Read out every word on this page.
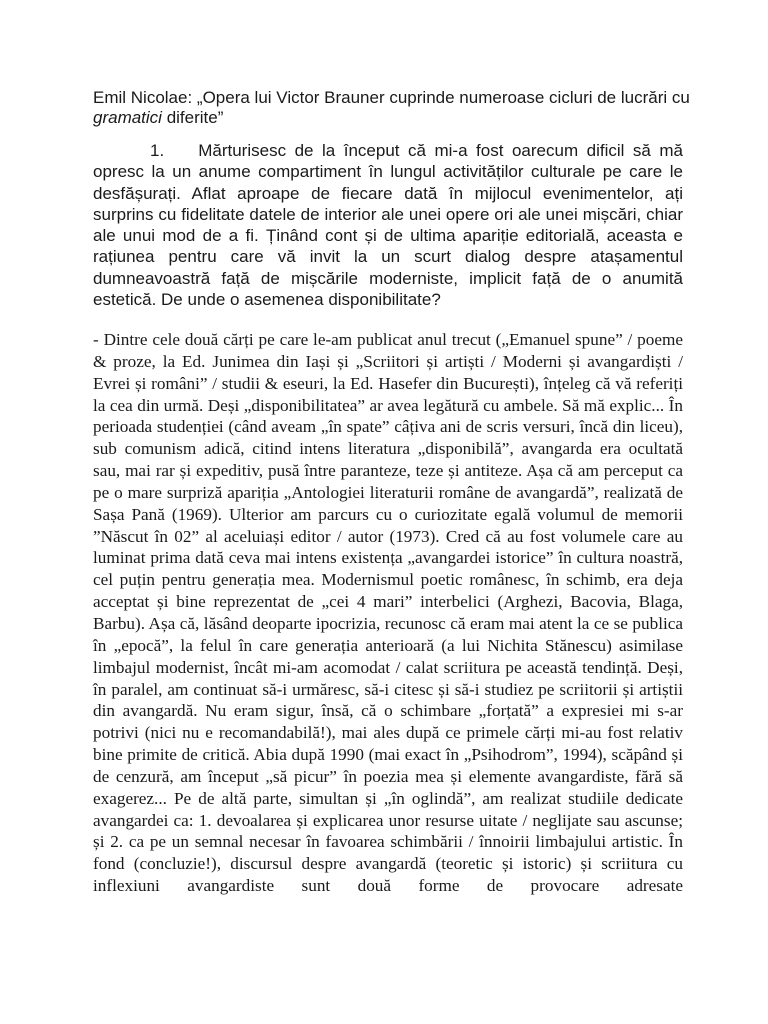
Emil Nicolae: „Opera lui Victor Brauner cuprinde numeroase cicluri de lucrări cu gramatici diferite”

1.    Mărturisesc de la început că mi-a fost oarecum dificil să mă opresc la un anume compartiment în lungul activităților culturale pe care le desfășurați. Aflat aproape de fiecare dată în mijlocul evenimentelor, ați surprins cu fidelitate datele de interior ale unei opere ori ale unei mișcări, chiar ale unui mod de a fi. Ținând cont și de ultima apariție editorială, aceasta e rațiunea pentru care vă invit la un scurt dialog despre atașamentul dumneavoastră față de mișcările moderniste, implicit față de o anumită estetică. De unde o asemenea disponibilitate?

- Dintre cele două cărți pe care le-am publicat anul trecut („Emanuel spune” / poeme & proze, la Ed. Junimea din Iași și „Scriitori și artiști / Moderni și avangardiști / Evrei și români” / studii & eseuri, la Ed. Hasefer din București), înțeleg că vă referiți la cea din urmă. Deși „disponibilitatea” ar avea legătură cu ambele. Să mă explic... În perioada studenției (când aveam „în spate” câțiva ani de scris versuri, încă din liceu), sub comunism adică, citind intens literatura „disponibilă”, avangarda era ocultată sau, mai rar și expeditiv, pusă între paranteze, teze și antiteze. Așa că am perceput ca pe o mare surpriză apariția „Antologiei literaturii române de avangardă”, realizată de Sașa Pană (1969). Ulterior am parcurs cu o curiozitate egală volumul de memorii ”Născut în 02” al aceluiași editor / autor (1973). Cred că au fost volumele care au luminat prima dată ceva mai intens existența „avangardei istorice” în cultura noastră, cel puțin pentru generația mea. Modernismul poetic românesc, în schimb, era deja acceptat și bine reprezentat de „cei 4 mari” interbelici (Arghezi, Bacovia, Blaga, Barbu). Așa că, lăsând deoparte ipocrizia, recunosc că eram mai atent la ce se publica în „epocă”, la felul în care generația anterioară (a lui Nichita Stănescu) asimilase limbajul modernist, încât mi-am acomodat / calat scriitura pe această tendință. Deși, în paralel, am continuat să-i urmăresc, să-i citesc și să-i studiez pe scriitorii și artiștii din avangardă. Nu eram sigur, însă, că o schimbare „forțată” a expresiei mi s-ar potrivi (nici nu e recomandabilă!), mai ales după ce primele cărți mi-au fost relativ bine primite de critică. Abia după 1990 (mai exact în „Psihodrom”, 1994), scăpând și de cenzură, am început „să picur” în poezia mea și elemente avangardiste, fără să exagerez... Pe de altă parte, simultan și „în oglindă”, am realizat studiile dedicate avangardei ca: 1. devoalarea și explicarea unor resurse uitate / neglijate sau ascunse; și 2. ca pe un semnal necesar în favoarea schimbării / înnoirii limbajului artistic. În fond (concluzie!), discursul despre avangardă (teoretic și istoric) și scriitura cu inflexiuni avangardiste sunt două forme de provocare adresate
